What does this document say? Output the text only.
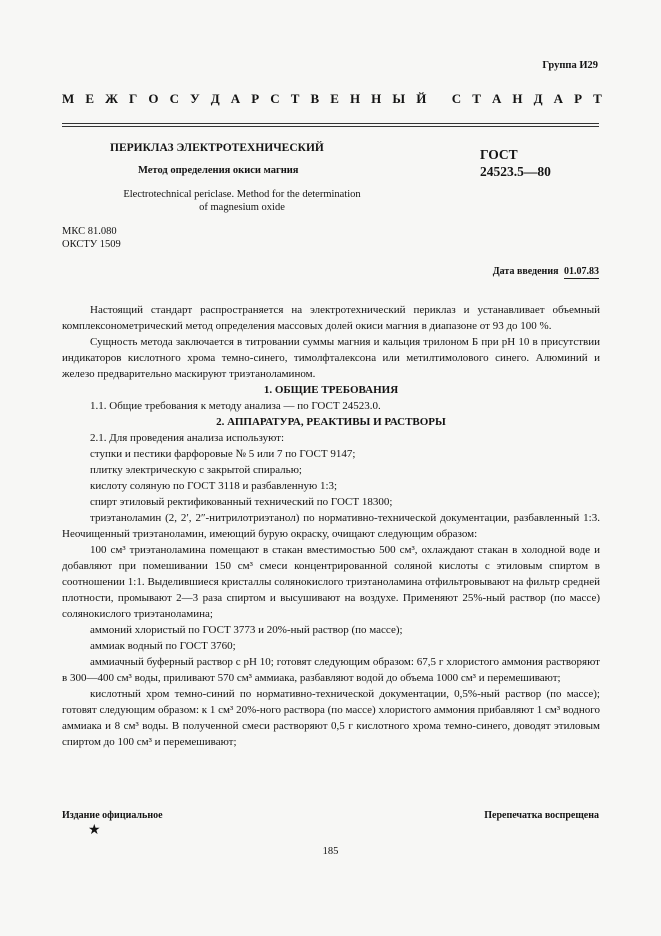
Группа И29
М Е Ж Г О С У Д А Р С Т В Е Н Н Ы Й
С Т А Н Д А Р Т
ПЕРИКЛАЗ ЭЛЕКТРОТЕХНИЧЕСКИЙ
Метод определения окиси магния
ГОСТ
24523.5—80
Electrotechnical periclase. Method for the determination
of magnesium oxide
МКС 81.080
ОКСТУ 1509
Дата введения 01.07.83

Настоящий стандарт распространяется на электротехнический периклаз и устанавливает объемный комплексонометрический метод определения массовых долей окиси магния в диапазоне от 93 до 100 %.

Сущность метода заключается в титровании суммы магния и кальция трилоном Б при pH 10 в присутствии индикаторов кислотного хрома темно-синего, тимолфталексона или метилтимолового синего. Алюминий и железо предварительно маскируют триэтаноламином.

1. ОБЩИЕ ТРЕБОВАНИЯ

1.1. Общие требования к методу анализа — по ГОСТ 24523.0.

2. АППАРАТУРА, РЕАКТИВЫ И РАСТВОРЫ

2.1. Для проведения анализа используют:

ступки и пестики фарфоровые № 5 или 7 по ГОСТ 9147;

плитку электрическую с закрытой спиралью;

кислоту соляную по ГОСТ 3118 и разбавленную 1:3;

спирт этиловый ректификованный технический по ГОСТ 18300;

триэтаноламин (2, 2′, 2″-нитрилотриэтанол) по нормативно-технической документации, разбавленный 1:3. Неочищенный триэтаноламин, имеющий бурую окраску, очищают следующим образом:

100 см³ триэтаноламина помещают в стакан вместимостью 500 см³, охлаждают стакан в холодной воде и добавляют при помешивании 150 см³ смеси концентрированной соляной кислоты с этиловым спиртом в соотношении 1:1. Выделившиеся кристаллы солянокислого триэтаноламина отфильтровывают на фильтр средней плотности, промывают 2—3 раза спиртом и высушивают на воздухе. Применяют 25%-ный раствор (по массе) солянокислого триэтаноламина;

аммоний хлористый по ГОСТ 3773 и 20%-ный раствор (по массе);

аммиак водный по ГОСТ 3760;

аммиачный буферный раствор с pH 10; готовят следующим образом: 67,5 г хлористого аммония растворяют в 300—400 см³ воды, приливают 570 см³ аммиака, разбавляют водой до объема 1000 см³ и перемешивают;

кислотный хром темно-синий по нормативно-технической документации, 0,5%-ный раствор (по массе); готовят следующим образом: к 1 см³ 20%-ного раствора (по массе) хлористого аммония прибавляют 1 см³ водного аммиака и 8 см³ воды. В полученной смеси растворяют 0,5 г кислотного хрома темно-синего, доводят этиловым спиртом до 100 см³ и перемешивают;

Издание официальное	Перепечатка воспрещена
★
185
